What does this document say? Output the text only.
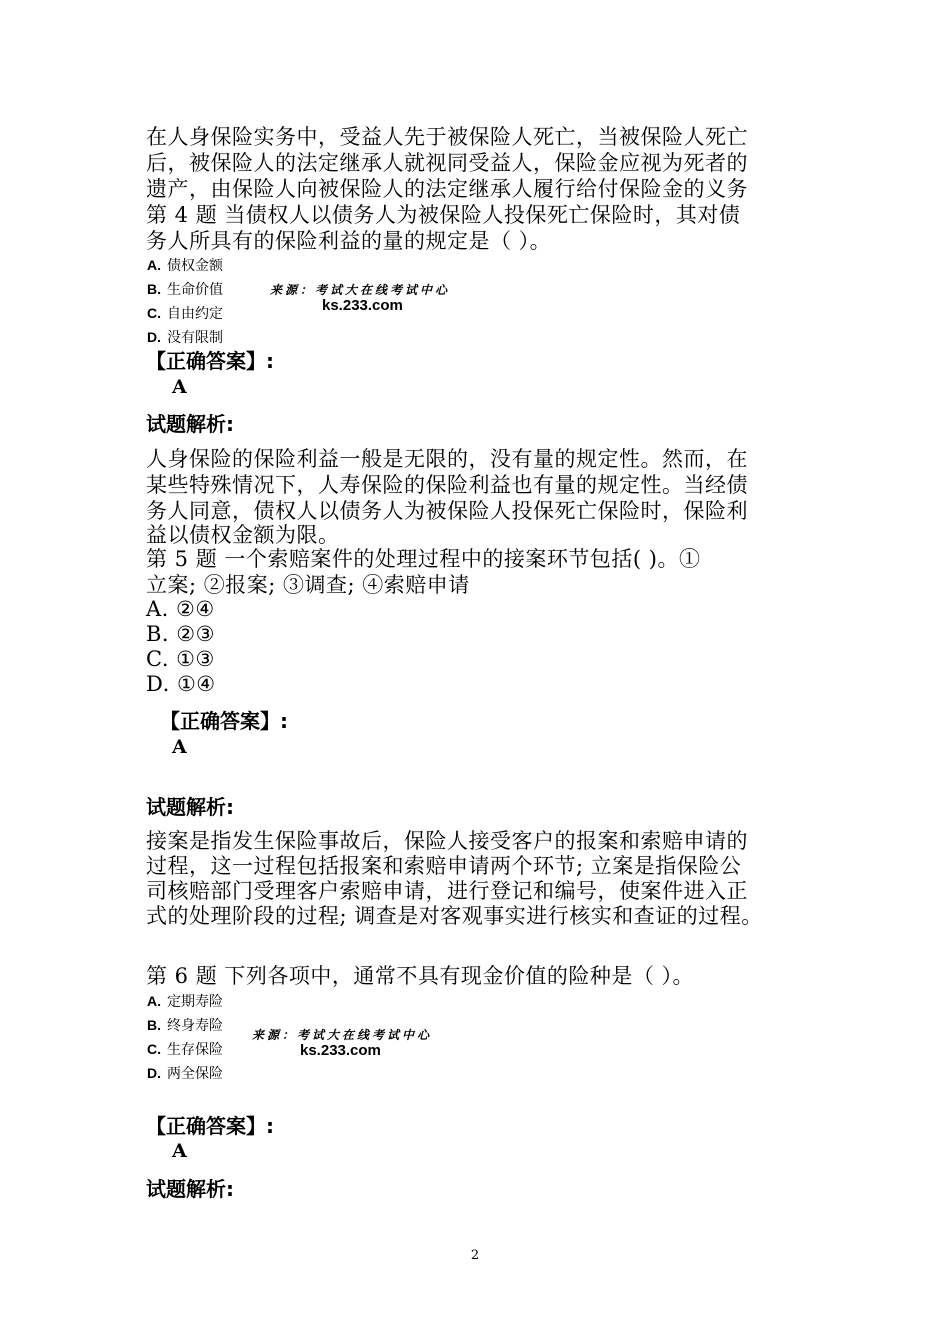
在人身保险实务中，受益人先于被保险人死亡，当被保险人死亡
后，被保险人的法定继承人就视同受益人，保险金应视为死者的
遗产，由保险人向被保险人的法定继承人履行给付保险金的义务
第 4 题 当债权人以债务人为被保险人投保死亡保险时，其对债
务人所具有的保险利益的量的规定是（ ）。
A. 债权金额
B. 生命价值
C. 自由约定
D. 没有限制
来源：考试大在线考试中心
ks.233.com
【正确答案】:
A
试题解析:
人身保险的保险利益一般是无限的，没有量的规定性。然而，在
某些特殊情况下，人寿保险的保险利益也有量的规定性。当经债
务人同意，债权人以债务人为被保险人投保死亡保险时，保险利
益以债权金额为限。
第 5 题 一个索赔案件的处理过程中的接案环节包括( )。①
立案; ②报案; ③调查; ④索赔申请
A. ②④
B. ②③
C. ①③
D. ①④
【正确答案】:
A
试题解析:
接案是指发生保险事故后，保险人接受客户的报案和索赔申请的
过程，这一过程包括报案和索赔申请两个环节; 立案是指保险公
司核赔部门受理客户索赔申请，进行登记和编号，使案件进入正
式的处理阶段的过程; 调查是对客观事实进行核实和查证的过程。
第 6 题 下列各项中，通常不具有现金价值的险种是（ ）。
A. 定期寿险
B. 终身寿险
C. 生存保险
D. 两全保险
来源：考试大在线考试中心
ks.233.com
【正确答案】:
A
试题解析:
2
